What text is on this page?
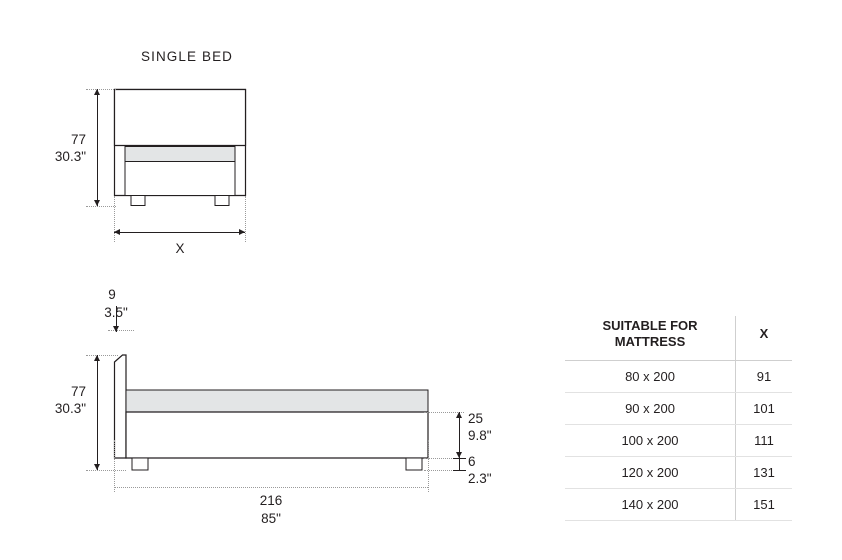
SINGLE BED
77
30.3"
X
9
3.5"
77
30.3"
25
9.8"
6
2.3"
216
85"
SUITABLE FOR
MATTRESS	X
80 x 200	91
90 x 200	101
100 x 200	111
120 x 200	131
140 x 200	151
